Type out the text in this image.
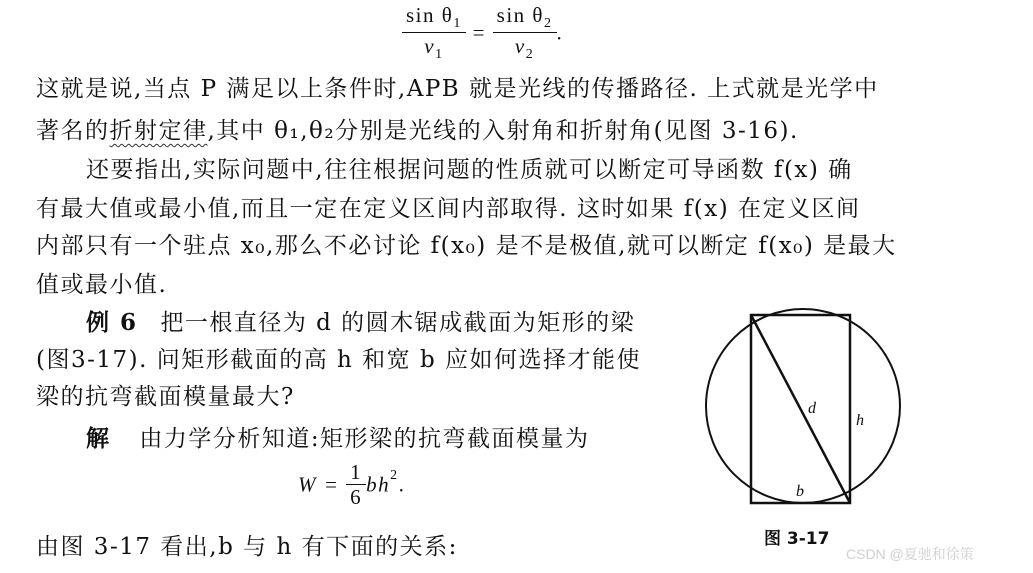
$\frac{\sin \theta_1}{v_1} = \frac{\sin \theta_2}{v_2}$ .
这就是说,当点 P 满足以上条件时,APB 就是光线的传播路径. 上式就是光学中
著名的折射定律,其中 θ₁,θ₂分别是光线的入射角和折射角(见图 3-16).
还要指出,实际问题中,往往根据问题的性质就可以断定可导函数 f(x) 确
有最大值或最小值,而且一定在定义区间内部取得. 这时如果 f(x) 在定义区间
内部只有一个驻点 x₀,那么不必讨论 f(x₀) 是不是极值,就可以断定 f(x₀) 是最大
值或最小值.
例 6 把一根直径为 d 的圆木锯成截面为矩形的梁
(图3-17). 问矩形截面的高 h 和宽 b 应如何选择才能使
梁的抗弯截面模量最大?
解 由力学分析知道:矩形梁的抗弯截面模量为
$W = \frac{1}{6} bh^2$.
由图 3-17 看出,b 与 h 有下面的关系:
d
h
b
图 3-17
CSDN @夏驰和徐策
